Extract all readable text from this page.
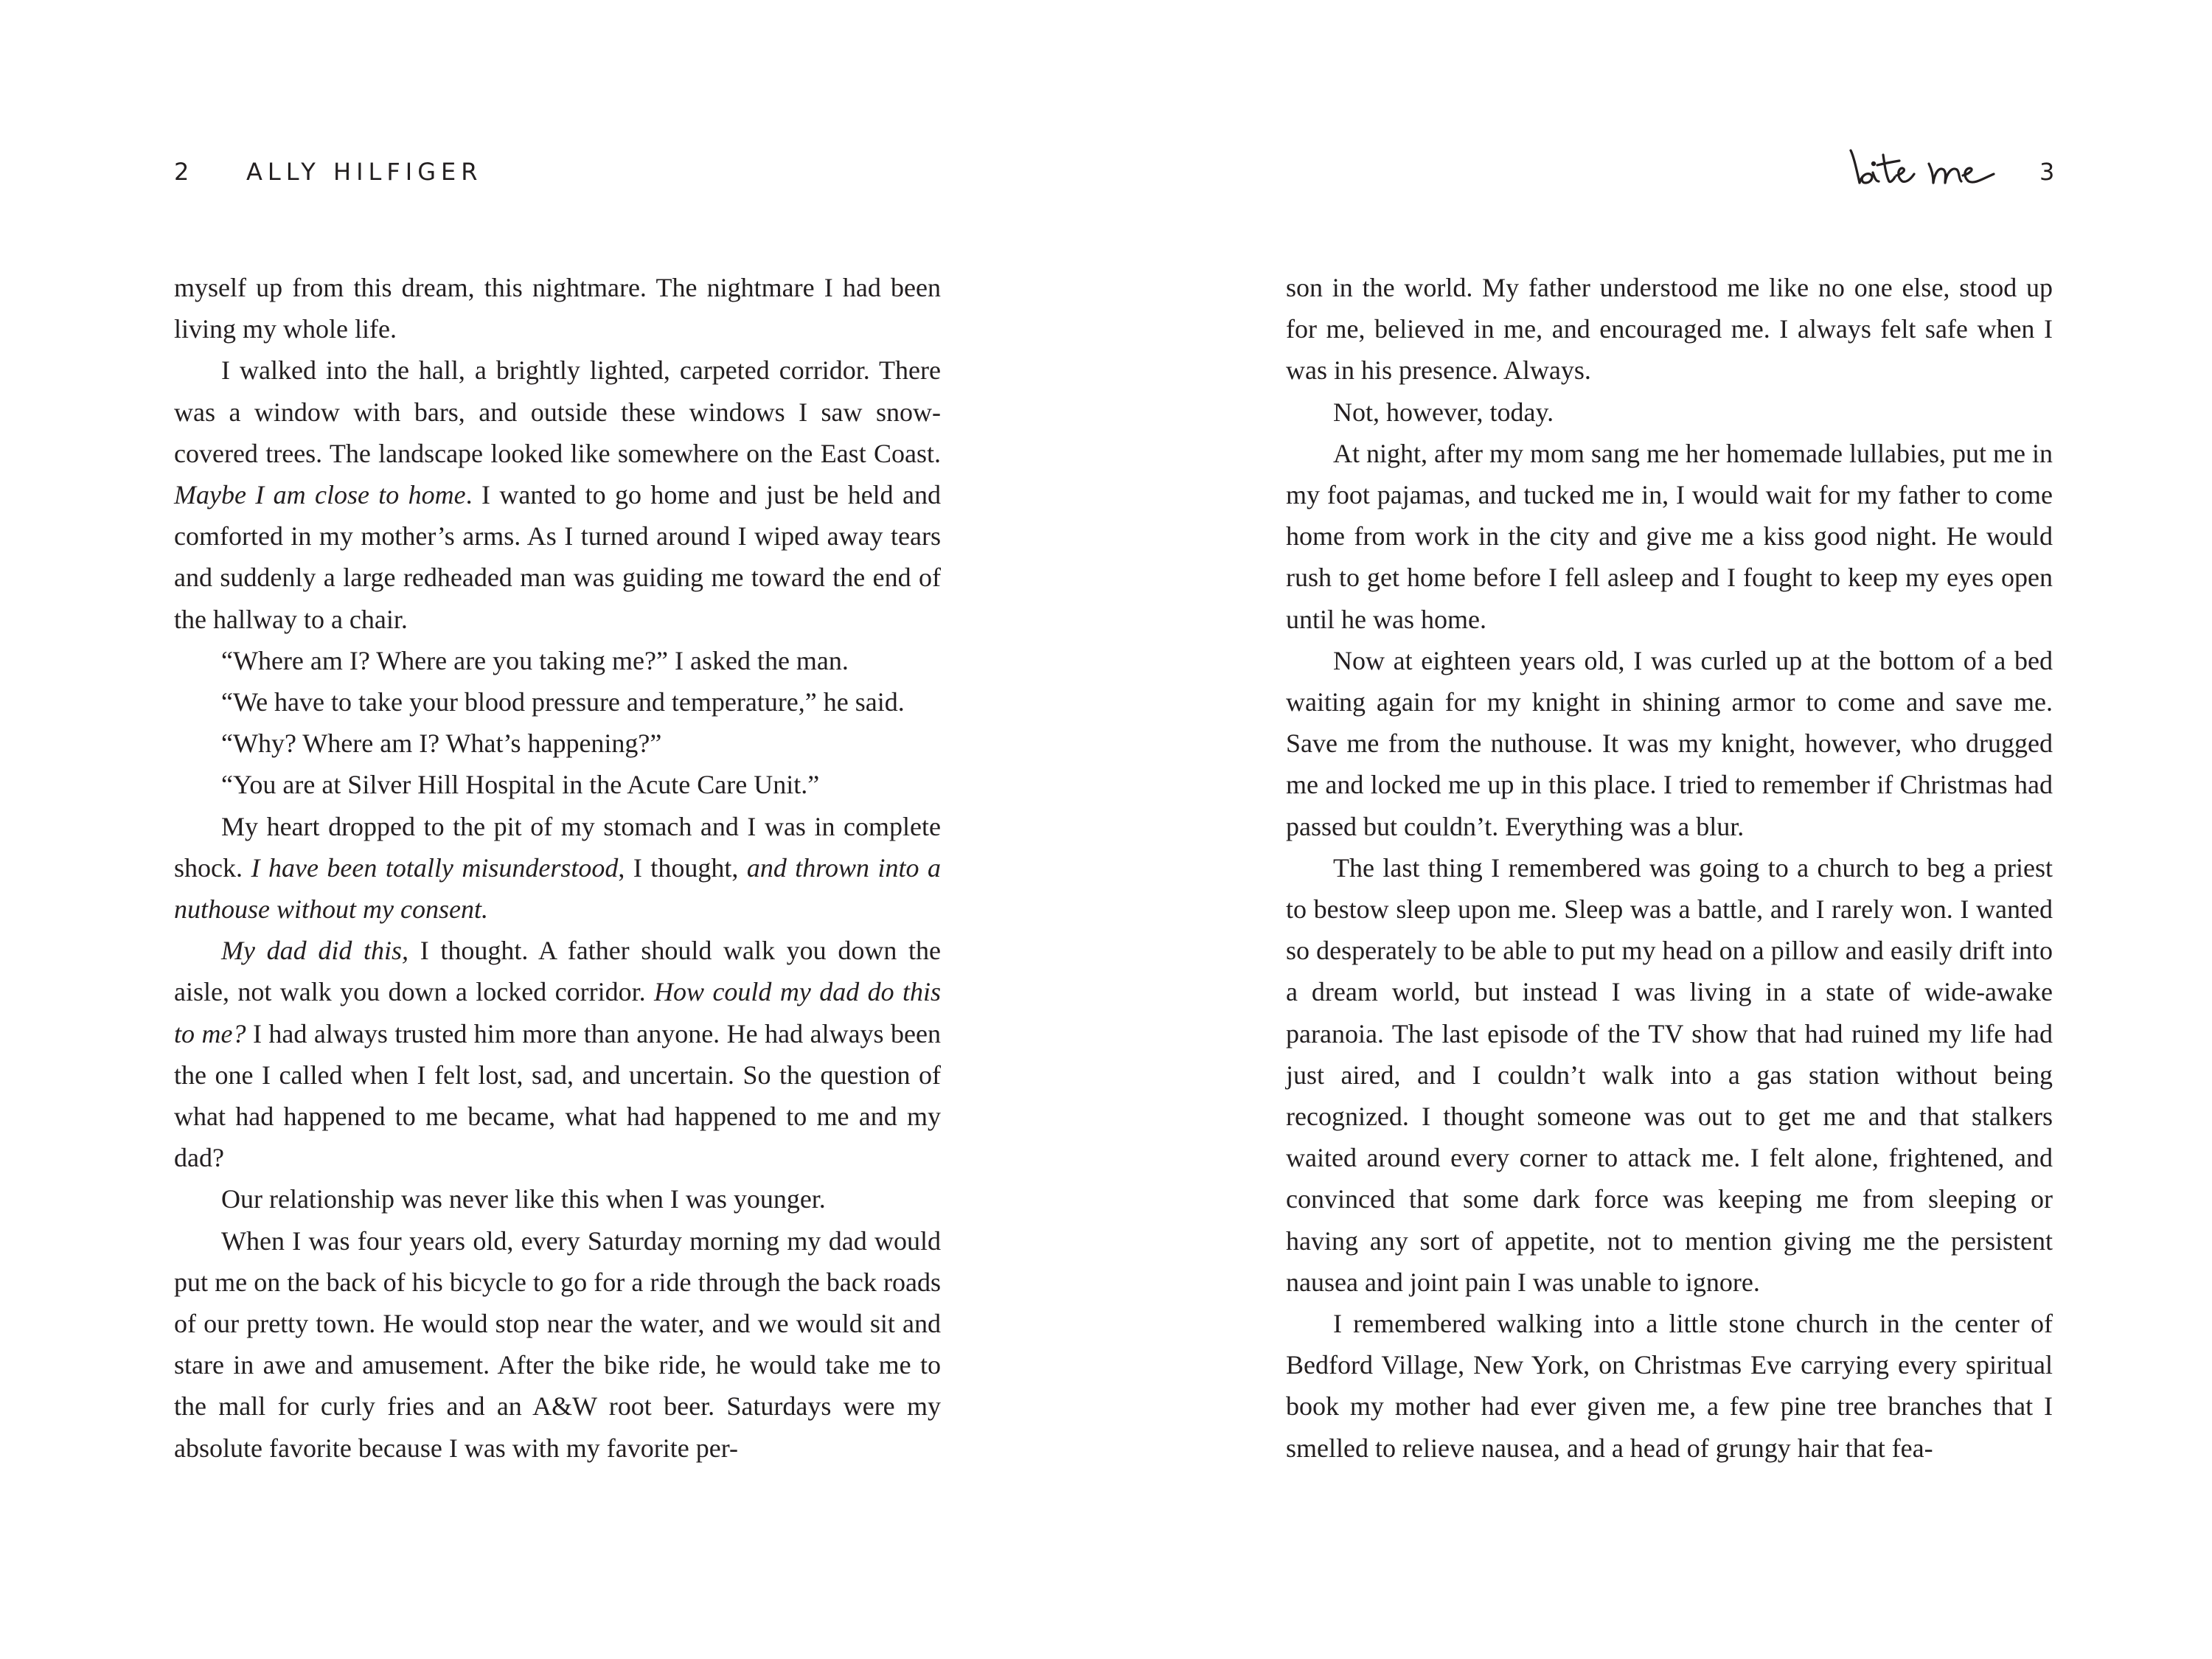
2 ALLY HILFIGER

myself up from this dream, this nightmare. The nightmare I had been living my whole life.

I walked into the hall, a brightly lighted, carpeted corridor. There was a window with bars, and outside these windows I saw snow-covered trees. The landscape looked like somewhere on the East Coast. Maybe I am close to home. I wanted to go home and just be held and comforted in my mother’s arms. As I turned around I wiped away tears and suddenly a large redheaded man was guiding me toward the end of the hallway to a chair.

“Where am I? Where are you taking me?” I asked the man.

“We have to take your blood pressure and temperature,” he said.

“Why? Where am I? What’s happening?”

“You are at Silver Hill Hospital in the Acute Care Unit.”

My heart dropped to the pit of my stomach and I was in complete shock. I have been totally misunderstood, I thought, and thrown into a nuthouse without my consent.

My dad did this, I thought. A father should walk you down the aisle, not walk you down a locked corridor. How could my dad do this to me? I had always trusted him more than anyone. He had always been the one I called when I felt lost, sad, and uncertain. So the question of what had happened to me became, what had happened to me and my dad?

Our relationship was never like this when I was younger.

When I was four years old, every Saturday morning my dad would put me on the back of his bicycle to go for a ride through the back roads of our pretty town. He would stop near the water, and we would sit and stare in awe and amusement. After the bike ride, he would take me to the mall for curly fries and an A&W root beer. Saturdays were my absolute favorite because I was with my favorite per-

3

son in the world. My father understood me like no one else, stood up for me, believed in me, and encouraged me. I always felt safe when I was in his presence. Always.

Not, however, today.

At night, after my mom sang me her homemade lullabies, put me in my foot pajamas, and tucked me in, I would wait for my father to come home from work in the city and give me a kiss good night. He would rush to get home before I fell asleep and I fought to keep my eyes open until he was home.

Now at eighteen years old, I was curled up at the bottom of a bed waiting again for my knight in shining armor to come and save me. Save me from the nuthouse. It was my knight, however, who drugged me and locked me up in this place. I tried to remember if Christmas had passed but couldn’t. Everything was a blur.

The last thing I remembered was going to a church to beg a priest to bestow sleep upon me. Sleep was a battle, and I rarely won. I wanted so desperately to be able to put my head on a pillow and easily drift into a dream world, but instead I was living in a state of wide-awake paranoia. The last episode of the TV show that had ruined my life had just aired, and I couldn’t walk into a gas station without being recognized. I thought someone was out to get me and that stalkers waited around every corner to attack me. I felt alone, frightened, and convinced that some dark force was keeping me from sleeping or having any sort of appetite, not to mention giving me the persistent nausea and joint pain I was unable to ignore.

I remembered walking into a little stone church in the center of Bedford Village, New York, on Christmas Eve carrying every spiritual book my mother had ever given me, a few pine tree branches that I smelled to relieve nausea, and a head of grungy hair that fea-
